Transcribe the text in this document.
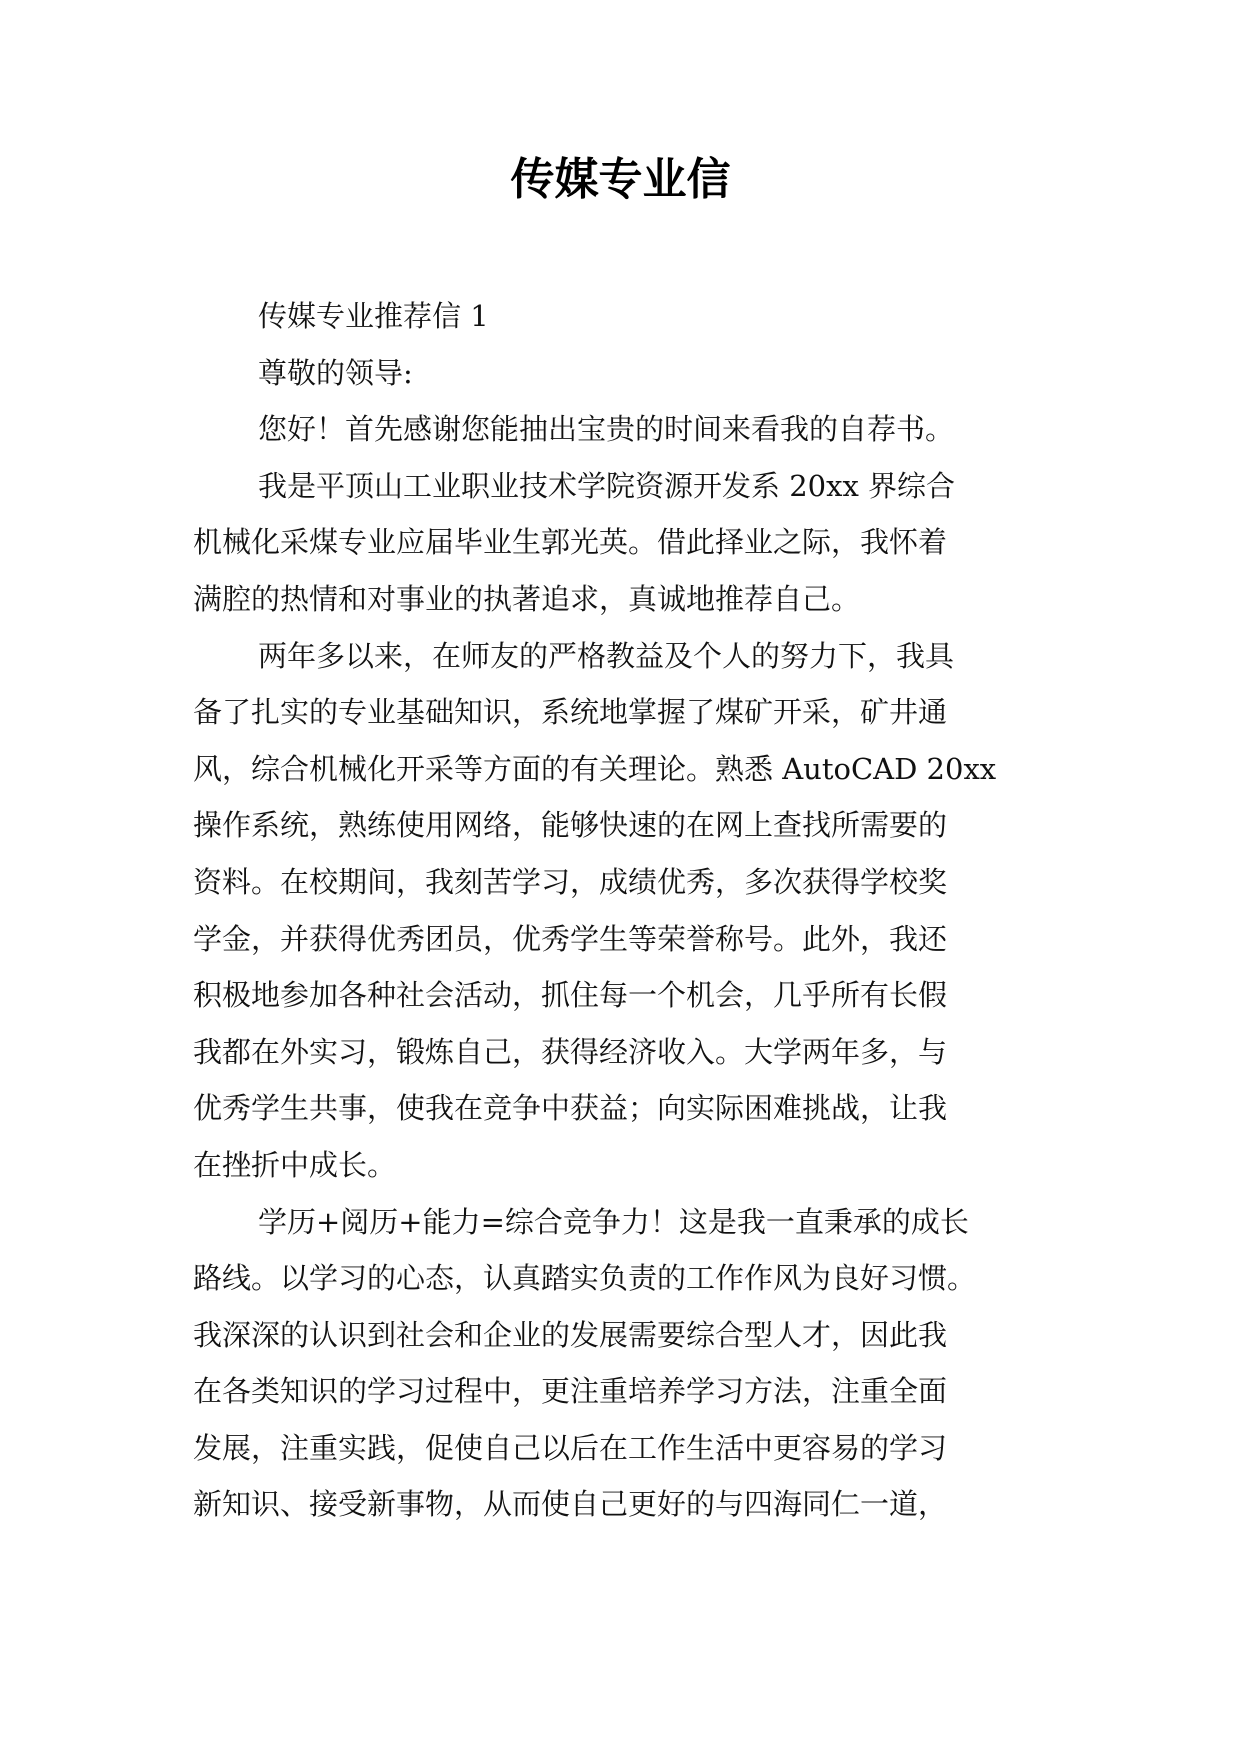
传媒专业信
传媒专业推荐信 1
尊敬的领导:
您好！首先感谢您能抽出宝贵的时间来看我的自荐书。
我是平顶山工业职业技术学院资源开发系 20xx 界综合
机械化采煤专业应届毕业生郭光英。借此择业之际，我怀着
满腔的热情和对事业的执著追求，真诚地推荐自己。
两年多以来，在师友的严格教益及个人的努力下，我具
备了扎实的专业基础知识，系统地掌握了煤矿开采，矿井通
风，综合机械化开采等方面的有关理论。熟悉 AutoCAD 20xx
操作系统，熟练使用网络，能够快速的在网上查找所需要的
资料。在校期间，我刻苦学习，成绩优秀，多次获得学校奖
学金，并获得优秀团员，优秀学生等荣誉称号。此外，我还
积极地参加各种社会活动，抓住每一个机会，几乎所有长假
我都在外实习，锻炼自己，获得经济收入。大学两年多，与
优秀学生共事，使我在竞争中获益；向实际困难挑战，让我
在挫折中成长。
学历+阅历+能力=综合竞争力！这是我一直秉承的成长
路线。以学习的心态，认真踏实负责的工作作风为良好习惯。
我深深的认识到社会和企业的发展需要综合型人才，因此我
在各类知识的学习过程中，更注重培养学习方法，注重全面
发展，注重实践，促使自己以后在工作生活中更容易的学习
新知识、接受新事物，从而使自己更好的与四海同仁一道，
